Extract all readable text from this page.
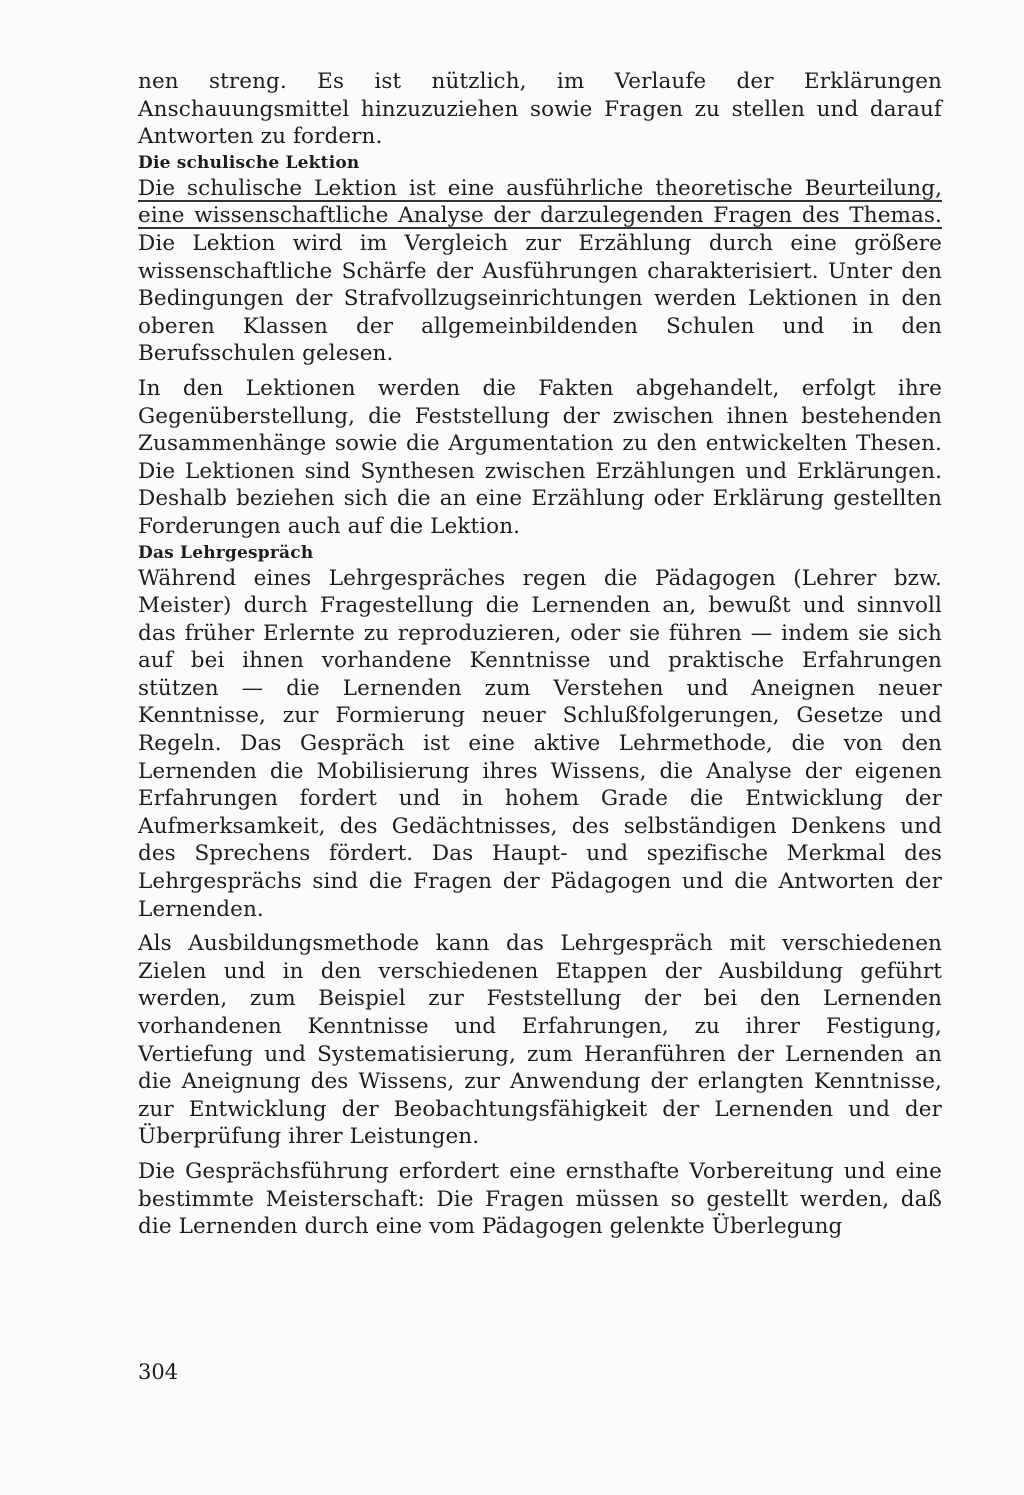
nen streng. Es ist nützlich, im Verlaufe der Erklärungen Anschauungsmittel hinzuzuziehen sowie Fragen zu stellen und darauf Antworten zu fordern.

Die schulische Lektion

Die schulische Lektion ist eine ausführliche theoretische Beurteilung, eine wissenschaftliche Analyse der darzulegenden Fragen des Themas. Die Lektion wird im Vergleich zur Erzählung durch eine größere wissenschaftliche Schärfe der Ausführungen charakterisiert. Unter den Bedingungen der Strafvollzugseinrichtungen werden Lektionen in den oberen Klassen der allgemeinbildenden Schulen und in den Berufsschulen gelesen.

In den Lektionen werden die Fakten abgehandelt, erfolgt ihre Gegenüberstellung, die Feststellung der zwischen ihnen bestehenden Zusammenhänge sowie die Argumentation zu den entwickelten Thesen. Die Lektionen sind Synthesen zwischen Erzählungen und Erklärungen. Deshalb beziehen sich die an eine Erzählung oder Erklärung gestellten Forderungen auch auf die Lektion.

Das Lehrgespräch

Während eines Lehrgespräches regen die Pädagogen (Lehrer bzw. Meister) durch Fragestellung die Lernenden an, bewußt und sinnvoll das früher Erlernte zu reproduzieren, oder sie führen — indem sie sich auf bei ihnen vorhandene Kenntnisse und praktische Erfahrungen stützen — die Lernenden zum Verstehen und Aneignen neuer Kenntnisse, zur Formierung neuer Schlußfolgerungen, Gesetze und Regeln. Das Gespräch ist eine aktive Lehrmethode, die von den Lernenden die Mobilisierung ihres Wissens, die Analyse der eigenen Erfahrungen fordert und in hohem Grade die Entwicklung der Aufmerksamkeit, des Gedächtnisses, des selbständigen Denkens und des Sprechens fördert. Das Haupt- und spezifische Merkmal des Lehrgesprächs sind die Fragen der Pädagogen und die Antworten der Lernenden.

Als Ausbildungsmethode kann das Lehrgespräch mit verschiedenen Zielen und in den verschiedenen Etappen der Ausbildung geführt werden, zum Beispiel zur Feststellung der bei den Lernenden vorhandenen Kenntnisse und Erfahrungen, zu ihrer Festigung, Vertiefung und Systematisierung, zum Heranführen der Lernenden an die Aneignung des Wissens, zur Anwendung der erlangten Kenntnisse, zur Entwicklung der Beobachtungsfähigkeit der Lernenden und der Überprüfung ihrer Leistungen.

Die Gesprächsführung erfordert eine ernsthafte Vorbereitung und eine bestimmte Meisterschaft: Die Fragen müssen so gestellt werden, daß die Lernenden durch eine vom Pädagogen gelenkte Überlegung

304
